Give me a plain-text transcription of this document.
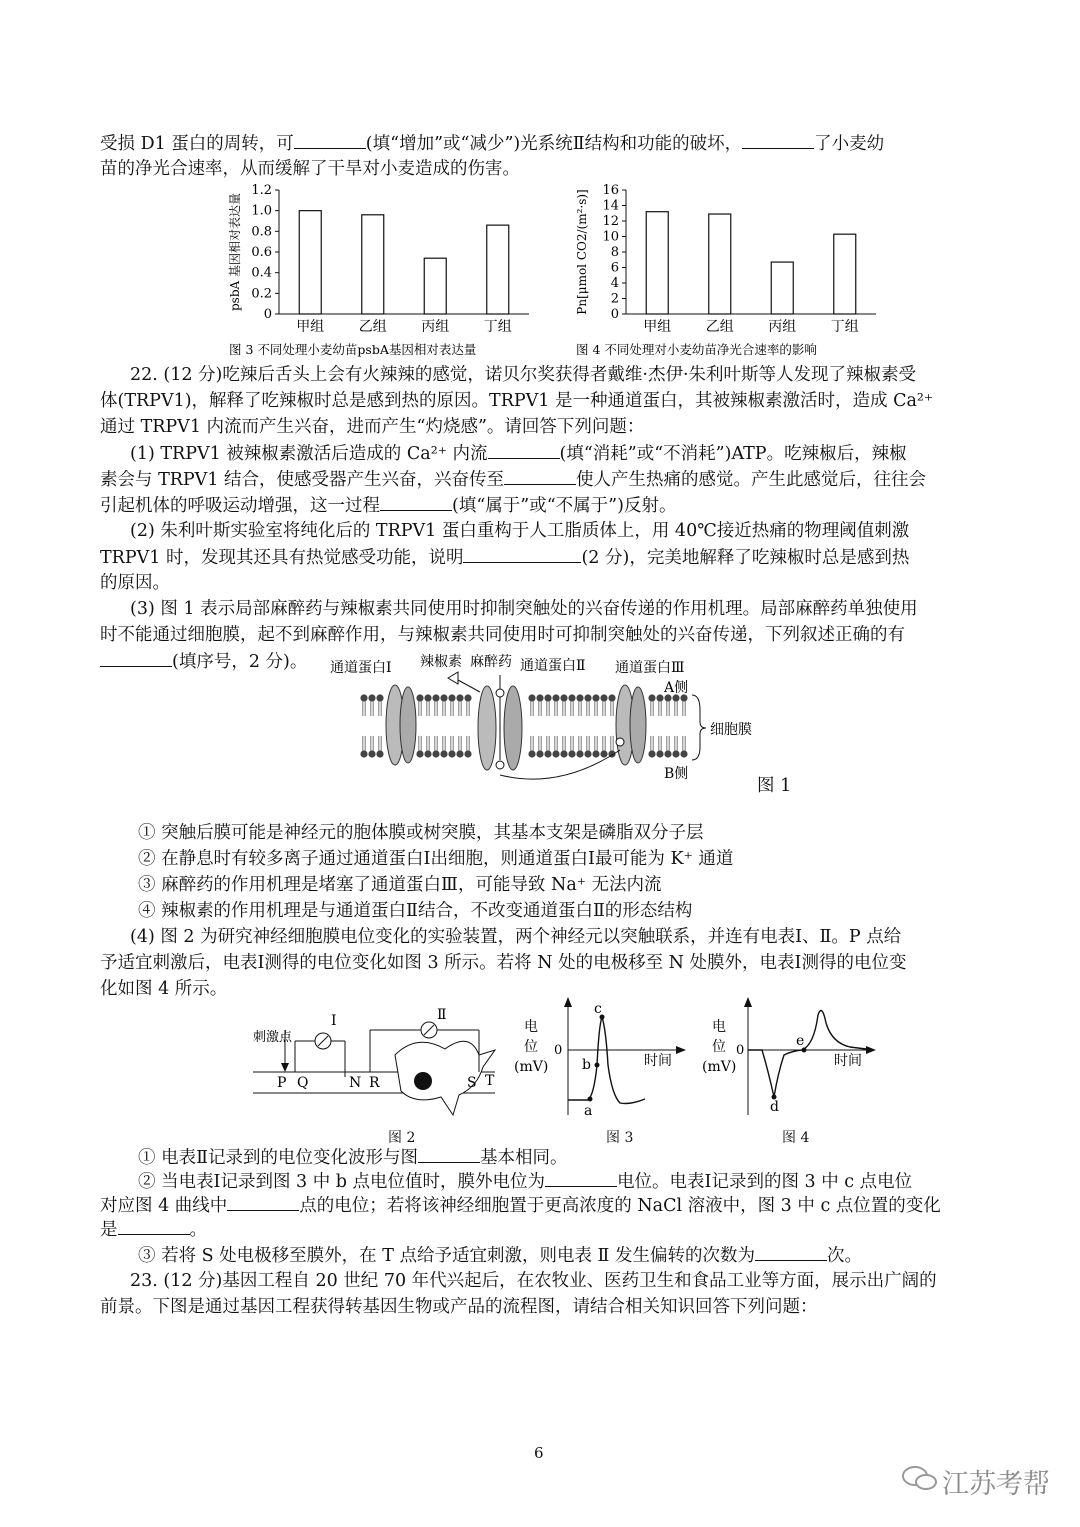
受损 D1 蛋白的周转，可	(填“增加”或“减少”)光系统Ⅱ结构和功能的破坏，	了小麦幼
苗的净光合速率，从而缓解了干旱对小麦造成的伤害。
0
0.2
0.4
0.6
0.8
1.0
1.2
甲组 乙组 丙组 丁组
psbA 基因相对表达量
图 3 不同处理小麦幼苗psbA基因相对表达量
0
2
4
6
8
10
12
14
16
甲组 乙组 丙组 丁组
Pn[μmol CO2/(m²·s)]
图 4 不同处理对小麦幼苗净光合速率的影响
22. (12 分)吃辣后舌头上会有火辣辣的感觉，诺贝尔奖获得者戴维·杰伊·朱利叶斯等人发现了辣椒素受
体(TRPV1)，解释了吃辣椒时总是感到热的原因。TRPV1 是一种通道蛋白，其被辣椒素激活时，造成 Ca²⁺
通过 TRPV1 内流而产生兴奋，进而产生“灼烧感”。请回答下列问题：
(1) TRPV1 被辣椒素激活后造成的 Ca²⁺ 内流	(填“消耗”或“不消耗”)ATP。吃辣椒后，辣椒
素会与 TRPV1 结合，使感受器产生兴奋，兴奋传至	使人产生热痛的感觉。产生此感觉后，往往会
引起机体的呼吸运动增强，这一过程	(填“属于”或“不属于”)反射。
(2) 朱利叶斯实验室将纯化后的 TRPV1 蛋白重构于人工脂质体上，用 40℃接近热痛的物理阈值刺激
TRPV1 时，发现其还具有热觉感受功能，说明	(2 分)，完美地解释了吃辣椒时总是感到热
的原因。
(3) 图 1 表示局部麻醉药与辣椒素共同使用时抑制突触处的兴奋传递的作用机理。局部麻醉药单独使用
时不能通过细胞膜，起不到麻醉作用，与辣椒素共同使用时可抑制突触处的兴奋传递，下列叙述正确的有
(填序号，2 分)。 通道蛋白Ⅰ 辣椒素 麻醉药 通道蛋白Ⅱ 通道蛋白Ⅲ
A侧
细胞膜
B侧
图 1
① 突触后膜可能是神经元的胞体膜或树突膜，其基本支架是磷脂双分子层
② 在静息时有较多离子通过通道蛋白Ⅰ出细胞，则通道蛋白Ⅰ最可能为 K⁺ 通道
③ 麻醉药的作用机理是堵塞了通道蛋白Ⅲ，可能导致 Na⁺ 无法内流
④ 辣椒素的作用机理是与通道蛋白Ⅱ结合，不改变通道蛋白Ⅱ的形态结构
(4) 图 2 为研究神经细胞膜电位变化的实验装置，两个神经元以突触联系，并连有电表Ⅰ、Ⅱ。P 点给
予适宜刺激后，电表Ⅰ测得的电位变化如图 3 所示。若将 N 处的电极移至 N 处膜外，电表Ⅰ测得的电位变
化如图 4 所示。
刺激点
Ⅰ	Ⅱ
P Q	N R	S T
电
位
(mV)
0
时间
a
b
c
电
位
(mV)
0
时间
d
e
图 2	图 3	图 4
① 电表Ⅱ记录到的电位变化波形与图	基本相同。
② 当电表Ⅰ记录到图 3 中 b 点电位值时，膜外电位为	电位。电表Ⅰ记录到的图 3 中 c 点电位
对应图 4 曲线中	点的电位；若将该神经细胞置于更高浓度的 NaCl 溶液中，图 3 中 c 点位置的变化
是	。
③ 若将 S 处电极移至膜外，在 T 点给予适宜刺激，则电表 Ⅱ 发生偏转的次数为	次。
23. (12 分)基因工程自 20 世纪 70 年代兴起后，在农牧业、医药卫生和食品工业等方面，展示出广阔的
前景。下图是通过基因工程获得转基因生物或产品的流程图，请结合相关知识回答下列问题：
6
江苏考帮
